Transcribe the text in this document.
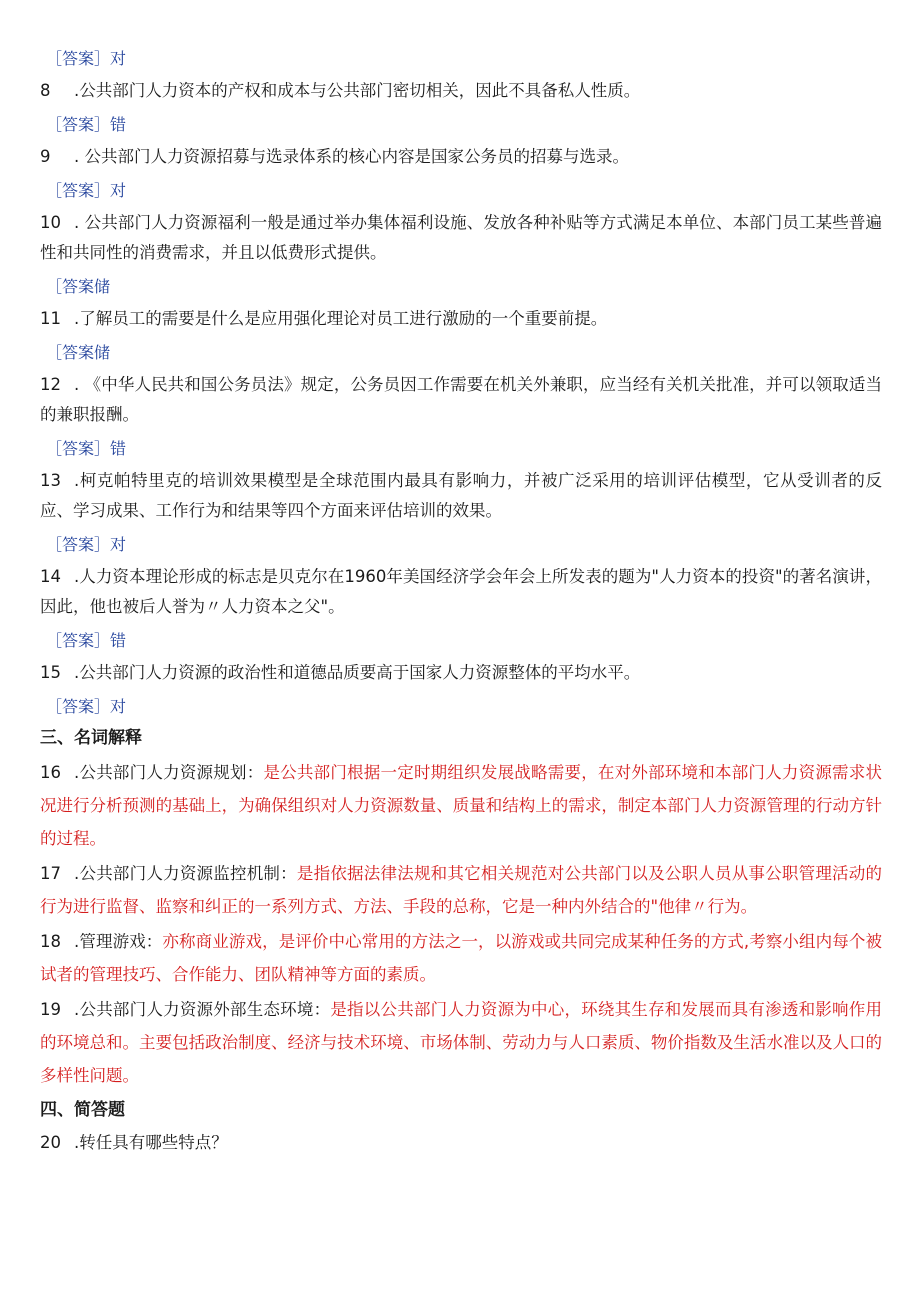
［答案］对
8 .公共部门人力资本的产权和成本与公共部门密切相关，因此不具备私人性质。
［答案］错
9 . 公共部门人力资源招募与选录体系的核心内容是国家公务员的招募与选录。
［答案］对
10 . 公共部门人力资源福利一般是通过举办集体福利设施、发放各种补贴等方式满足本单位、本部门员工某些普遍性和共同性的消费需求，并且以低费形式提供。
［答案储
11 .了解员工的需要是什么是应用强化理论对员工进行激励的一个重要前提。
［答案储
12 . 《中华人民共和国公务员法》规定，公务员因工作需要在机关外兼职，应当经有关机关批准，并可以领取适当的兼职报酬。
［答案］错
13 .柯克帕特里克的培训效果模型是全球范围内最具有影响力，并被广泛采用的培训评估模型，它从受训者的反应、学习成果、工作行为和结果等四个方面来评估培训的效果。
［答案］对
14 .人力资本理论形成的标志是贝克尔在1960年美国经济学会年会上所发表的题为"人力资本的投资"的著名演讲，因此，他也被后人誉为〃人力资本之父"。
［答案］错
15 .公共部门人力资源的政治性和道德品质要高于国家人力资源整体的平均水平。
［答案］对
三、名词解释
16 .公共部门人力资源规划：是公共部门根据一定时期组织发展战略需要，在对外部环境和本部门人力资源需求状况进行分析预测的基础上，为确保组织对人力资源数量、质量和结构上的需求，制定本部门人力资源管理的行动方针的过程。
17 .公共部门人力资源监控机制：是指依据法律法规和其它相关规范对公共部门以及公职人员从事公职管理活动的行为进行监督、监察和纠正的一系列方式、方法、手段的总称，它是一种内外结合的"他律〃行为。
18 .管理游戏：亦称商业游戏，是评价中心常用的方法之一，以游戏或共同完成某种任务的方式,考察小组内每个被试者的管理技巧、合作能力、团队精神等方面的素质。
19 .公共部门人力资源外部生态环境：是指以公共部门人力资源为中心，环绕其生存和发展而具有渗透和影响作用的环境总和。主要包括政治制度、经济与技术环境、市场体制、劳动力与人口素质、物价指数及生活水准以及人口的多样性问题。
四、简答题
20 .转任具有哪些特点？
